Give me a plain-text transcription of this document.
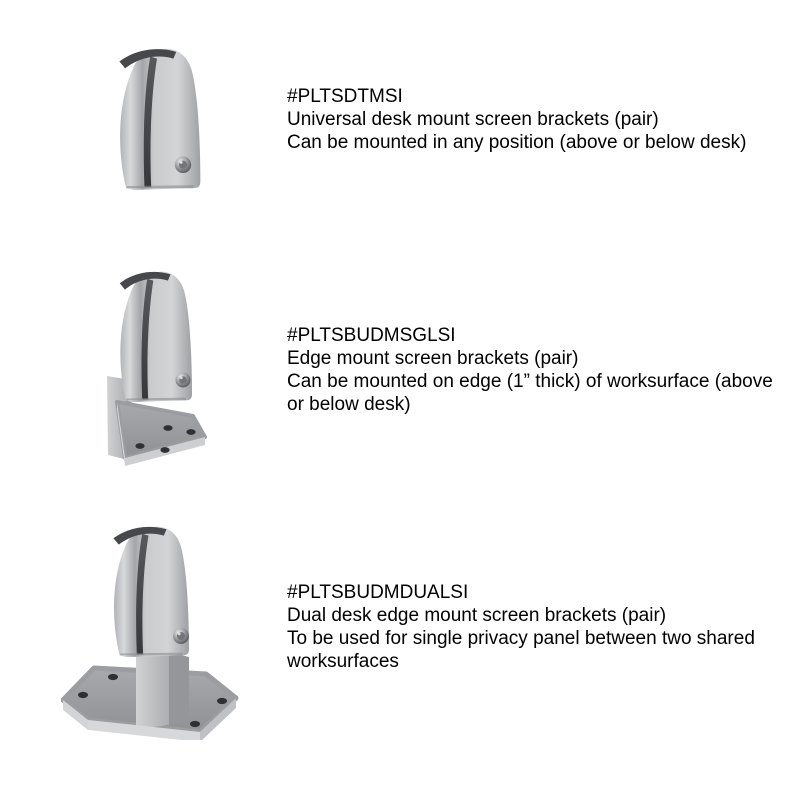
#PLTSDTMSI
Universal desk mount screen brackets (pair)
Can be mounted in any position (above or below desk)
#PLTSBUDMSGLSI
Edge mount screen brackets (pair)
Can be mounted on edge (1” thick) of worksurface (above
or below desk)
#PLTSBUDMDUALSI
Dual desk edge mount screen brackets (pair)
To be used for single privacy panel between two shared
worksurfaces
